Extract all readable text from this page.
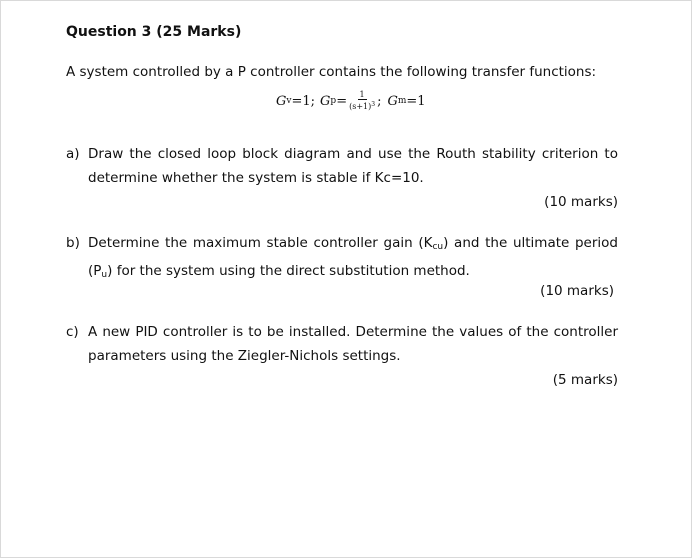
Question 3 (25 Marks)
A system controlled by a P controller contains the following transfer functions:
G v =1; G $p = \frac{1}{(s+1)^3}$ ; G m =1
a) Draw the closed loop block diagram and use the Routh stability criterion to determine whether the system is stable if Kc=10.
(10 marks)
b) Determine the maximum stable controller gain $(K_{cu})$ and the ultimate period $(P_u)$ for the system using the direct substitution method.
(10 marks)
c) A new PID controller is to be installed. Determine the values of the controller parameters using the Ziegler-Nichols settings.
(5 marks)
